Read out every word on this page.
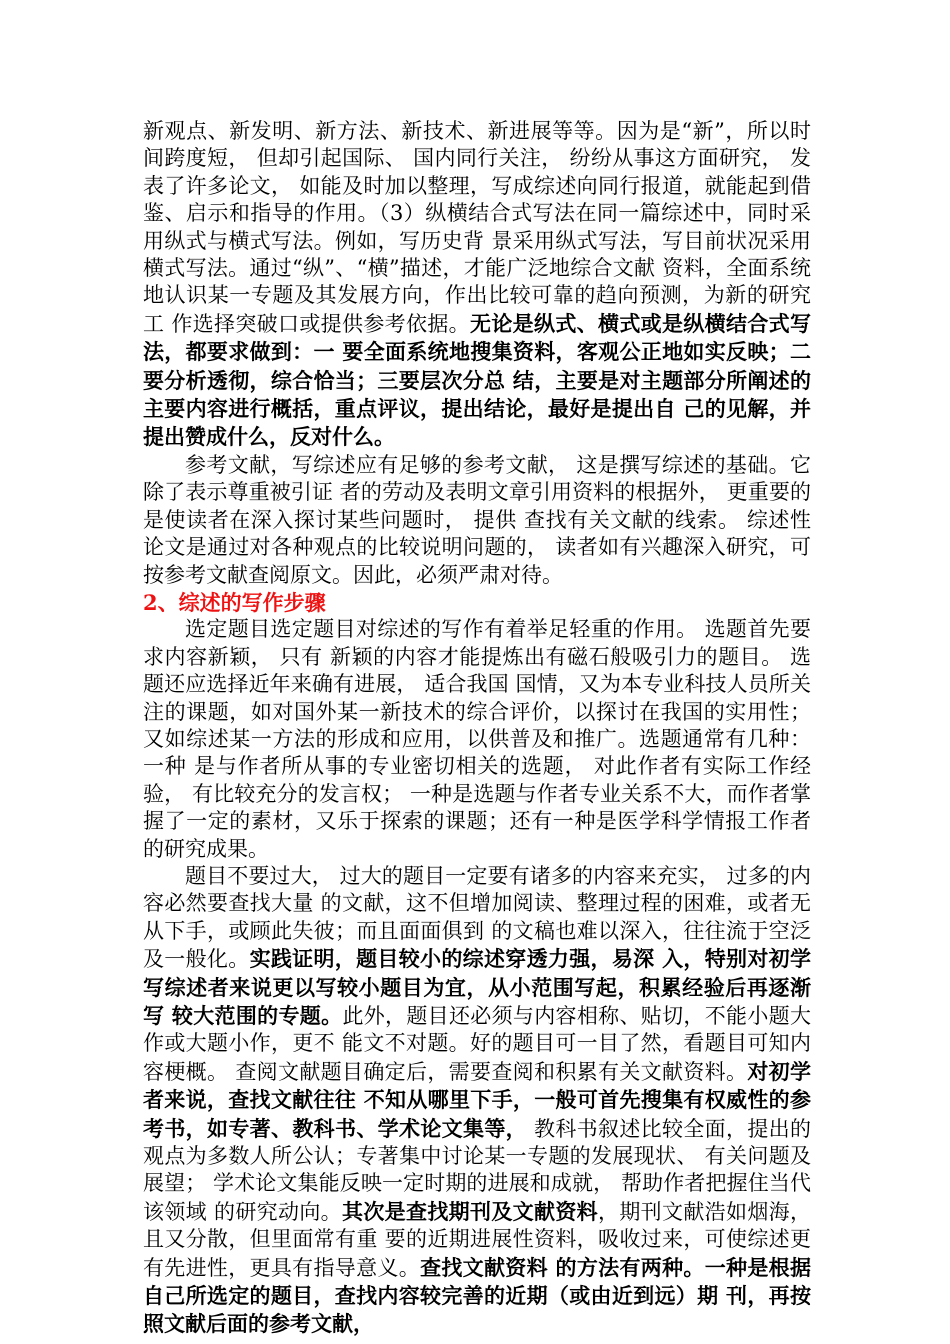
新观点、新发明、新方法、新技术、新进展等等。因为是“新”，所以时间跨度短， 但却引起国际、 国内同行关注， 纷纷从事这方面研究， 发表了许多论文， 如能及时加以整理，写成综述向同行报道，就能起到借鉴、启示和指导的作用。（3）纵横结合式写法在同一篇综述中，同时采用纵式与横式写法。例如，写历史背 景采用纵式写法，写目前状况采用横式写法。通过“纵”、“横”描述，才能广泛地综合文献 资料，全面系统地认识某一专题及其发展方向，作出比较可靠的趋向预测，为新的研究工 作选择突破口或提供参考依据。无论是纵式、横式或是纵横结合式写法，都要求做到：一 要全面系统地搜集资料，客观公正地如实反映；二要分析透彻，综合恰当；三要层次分总 结，主要是对主题部分所阐述的主要内容进行概括，重点评议，提出结论，最好是提出自 己的见解，并提出赞成什么，反对什么。

参考文献，写综述应有足够的参考文献， 这是撰写综述的基础。它除了表示尊重被引证 者的劳动及表明文章引用资料的根据外， 更重要的是使读者在深入探讨某些问题时， 提供 查找有关文献的线索。 综述性论文是通过对各种观点的比较说明问题的， 读者如有兴趣深入研究，可按参考文献查阅原文。因此，必须严肃对待。

2、综述的写作步骤

选定题目选定题目对综述的写作有着举足轻重的作用。 选题首先要求内容新颖， 只有 新颖的内容才能提炼出有磁石般吸引力的题目。 选题还应选择近年来确有进展， 适合我国 国情，又为本专业科技人员所关注的课题，如对国外某一新技术的综合评价，以探讨在我国的实用性；又如综述某一方法的形成和应用，以供普及和推广。选题通常有几种：一种 是与作者所从事的专业密切相关的选题， 对此作者有实际工作经验， 有比较充分的发言权； 一种是选题与作者专业关系不大，而作者掌握了一定的素材，又乐于探索的课题；还有一种是医学科学情报工作者的研究成果。

题目不要过大， 过大的题目一定要有诸多的内容来充实， 过多的内容必然要查找大量 的文献，这不但增加阅读、整理过程的困难，或者无从下手，或顾此失彼；而且面面俱到 的文稿也难以深入，往往流于空泛及一般化。实践证明，题目较小的综述穿透力强，易深 入，特别对初学写综述者来说更以写较小题目为宜，从小范围写起，积累经验后再逐渐写 较大范围的专题。此外，题目还必须与内容相称、贴切，不能小题大作或大题小作，更不 能文不对题。好的题目可一目了然，看题目可知内容梗概。 查阅文献题目确定后，需要查阅和积累有关文献资料。对初学者来说，查找文献往往 不知从哪里下手，一般可首先搜集有权威性的参考书，如专著、教科书、学术论文集等， 教科书叙述比较全面，提出的观点为多数人所公认；专著集中讨论某一专题的发展现状、 有关问题及展望； 学术论文集能反映一定时期的进展和成就， 帮助作者把握住当代该领域 的研究动向。其次是查找期刊及文献资料，期刊文献浩如烟海，且又分散，但里面常有重 要的近期进展性资料，吸收过来，可使综述更有先进性，更具有指导意义。查找文献资料 的方法有两种。一种是根据自己所选定的题目，查找内容较完善的近期（或由近到远）期 刊，再按照文献后面的参考文献，
